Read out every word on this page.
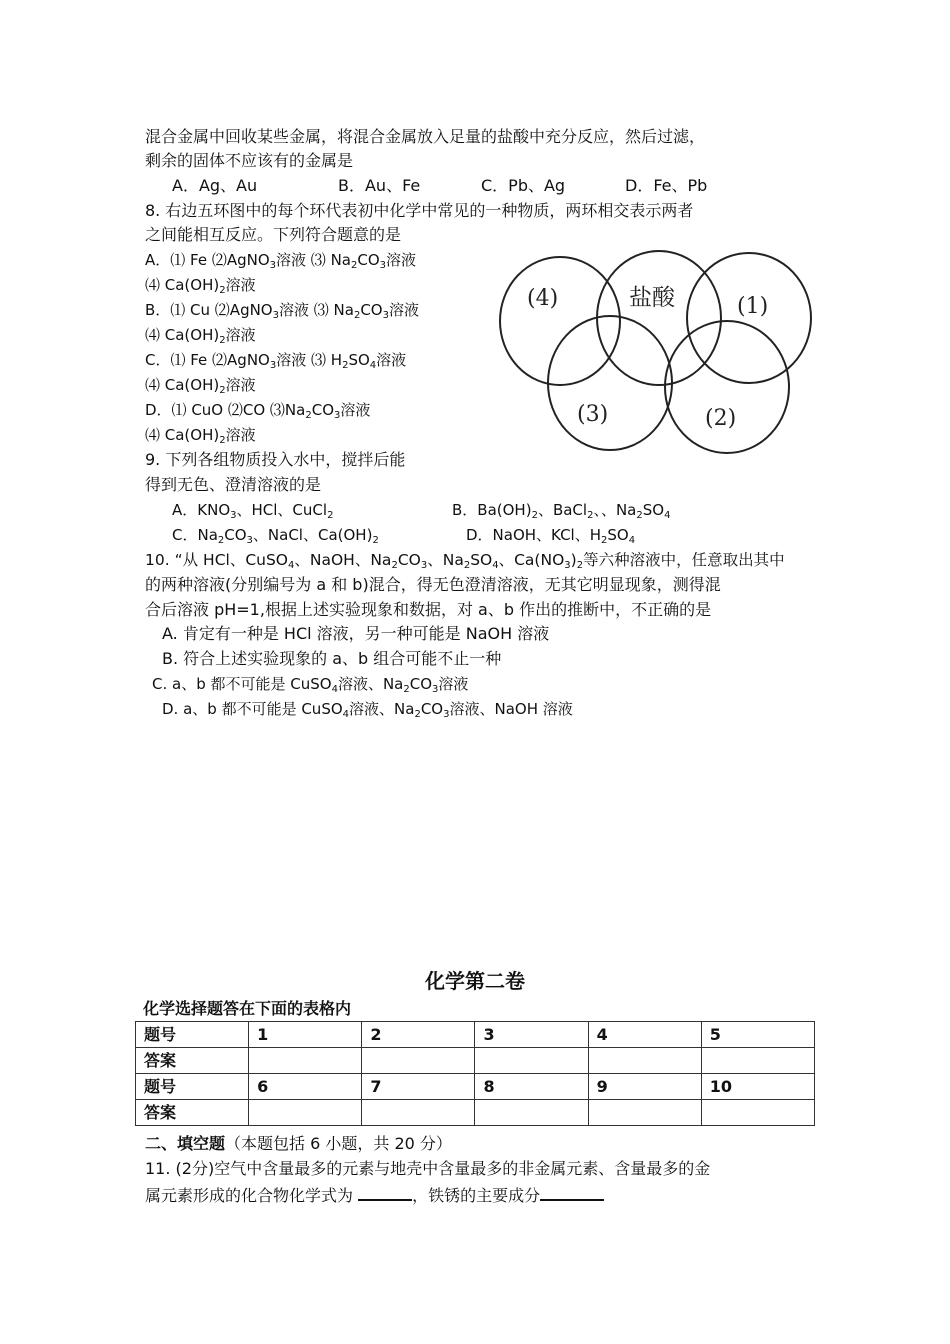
混合金属中回收某些金属，将混合金属放入足量的盐酸中充分反应，然后过滤，
剩余的固体不应该有的金属是
A．Ag、Au	B．Au、Fe	C．Pb、Ag	D．Fe、Pb
8. 右边五环图中的每个环代表初中化学中常见的一种物质，两环相交表示两者
之间能相互反应。下列符合题意的是
A．⑴ Fe ⑵AgNO$_3$溶液 ⑶ $Na_2CO_3$溶液
⑷ $Ca(OH)_2$溶液
B．⑴ Cu ⑵AgNO$_3$溶液 ⑶ $Na_2CO_3$溶液
⑷ $Ca(OH)_2$溶液
C．⑴ Fe ⑵AgNO$_3$溶液 ⑶ $H_2SO_4$溶液
⑷ $Ca(OH)_2$溶液
D．⑴ CuO ⑵CO $⑶Na_2CO_3$溶液
⑷ $Ca(OH)_2$溶液
(4)	盐酸	(1)
(3)	(2)
9. 下列各组物质投入水中，搅拌后能
得到无色、澄清溶液的是
A．$KNO_3$、HCl、CuCl$_2$	B．$Ba(OH)_2$、BaCl$_2$、、$Na_2SO_4$
C．$Na_2CO_3$、NaCl、$Ca(OH)_2$	D．NaOH、KCl、$H_2SO_4$
10. “从 HCl、CuSO$_4$、NaOH、$Na_2CO_3$、$Na_2SO_4$、$Ca(NO_3)_2$等六种溶液中，任意取出其中
的两种溶液(分别编号为 a 和 b)混合，得无色澄清溶液，无其它明显现象，测得混
合后溶液 pH=1,根据上述实验现象和数据，对 a、b 作出的推断中，不正确的是
A. 肯定有一种是 HCl 溶液，另一种可能是 NaOH 溶液
B. 符合上述实验现象的 a、b 组合可能不止一种
C. a、b 都不可能是 CuSO$_4$溶液、$Na_2CO_3$溶液
D. a、b 都不可能是 CuSO$_4$溶液、$Na_2CO_3$溶液、NaOH 溶液
化学第二卷
化学选择题答在下面的表格内
题号	1	2	3	4	5
答案					
题号	6	7	8	9	10
答案					
二、填空题（本题包括 6 小题，共 20 分）
11. (2分)空气中含量最多的元素与地壳中含量最多的非金属元素、含量最多的金
属元素形成的化合物化学式为	，铁锈的主要成分
